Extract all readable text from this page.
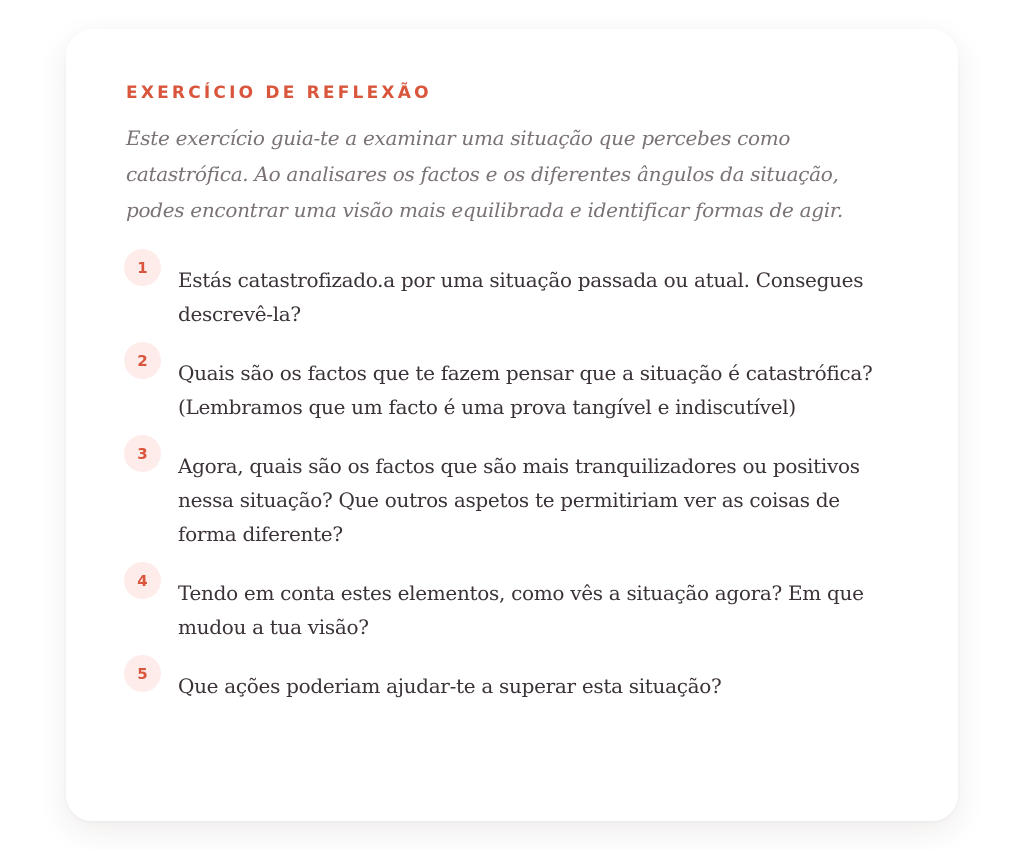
EXERCÍCIO DE REFLEXÃO

Este exercício guia-te a examinar uma situação que percebes como catastrófica. Ao analisares os factos e os diferentes ângulos da situação, podes encontrar uma visão mais equilibrada e identificar formas de agir.

1
Estás catastrofizado.a por uma situação passada ou atual. Consegues descrevê-la?
2
Quais são os factos que te fazem pensar que a situação é catastrófica? (Lembramos que um facto é uma prova tangível e indiscutível)
3
Agora, quais são os factos que são mais tranquilizadores ou positivos nessa situação? Que outros aspetos te permitiriam ver as coisas de forma diferente?
4
Tendo em conta estes elementos, como vês a situação agora? Em que mudou a tua visão?
5
Que ações poderiam ajudar-te a superar esta situação?
